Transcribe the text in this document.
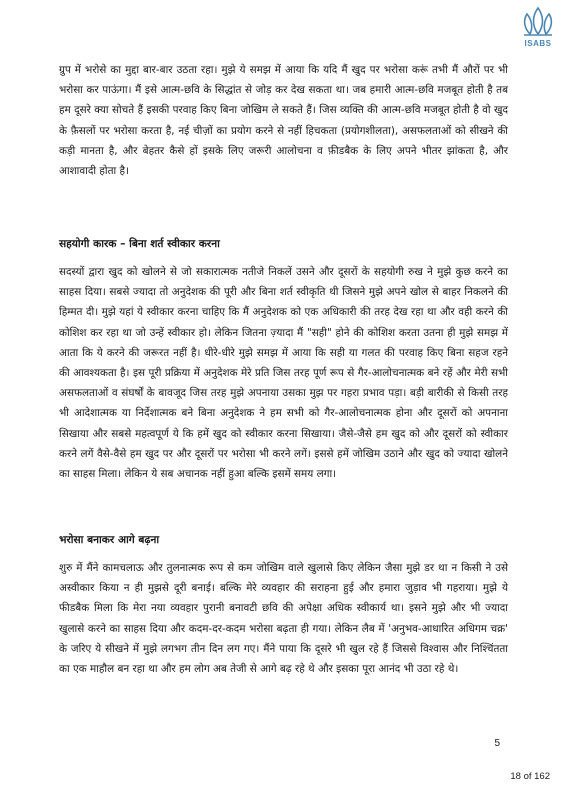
ISABS

ग्रुप में भरोसे का मुद्दा बार-बार उठता रहा। मुझे ये समझ में आया कि यदि मैं खुद पर भरोसा करूं तभी मैं औरों पर भी भरोसा कर पाऊंगा। मैं इसे आत्म-छवि के सिद्धांत से जोड़ कर देख सकता था। जब हमारी आत्म-छवि मजबूत होती है तब हम दूसरे क्या सोचते हैं इसकी परवाह किए बिना जोखिम ले सकते हैं। जिस व्यक्ति की आत्म-छवि मजबूत होती है वो खुद के फ़ैसलों पर भरोसा करता है, नई चीज़ों का प्रयोग करने से नहीं हिचकता (प्रयोगशीलता), असफलताओं को सीखने की कड़ी मानता है, और बेहतर कैसे हों इसके लिए जरूरी आलोचना व फ़ीडबैक के लिए अपने भीतर झांकता है, और आशावादी होता है।

सहयोगी कारक – बिना शर्त स्वीकार करना

सदस्यों द्वारा खुद को खोलने से जो सकारात्मक नतीजे निकलें उसने और दूसरों के सहयोगी रुख ने मुझे कुछ करने का साहस दिया। सबसे ज्यादा तो अनुदेशक की पूरी और बिना शर्त स्वीकृति थी जिसने मुझे अपने खोल से बाहर निकलने की हिम्मत दी। मुझे यहां ये स्वीकार करना चाहिए कि मैं अनुदेशक को एक अधिकारी की तरह देख रहा था और वही करने की कोशिश कर रहा था जो उन्हें स्वीकार हो। लेकिन जितना ज़्यादा मैं "सही" होने की कोशिश करता उतना ही मुझे समझ में आता कि ये करने की जरूरत नहीं है। धीरे-धीरे मुझे समझ में आया कि सही या गलत की परवाह किए बिना सहज रहने की आवश्यकता है। इस पूरी प्रक्रिया में अनुदेशक मेरे प्रति जिस तरह पूर्ण रूप से गैर-आलोचनात्मक बने रहें और मेरी सभी असफलताओं व संघर्षों के बावजूद जिस तरह मुझे अपनाया उसका मुझ पर गहरा प्रभाव पड़ा। बड़ी बारीकी से किसी तरह भी आदेशात्मक या निर्देशात्मक बने बिना अनुदेशक ने हम सभी को गैर-आलोचनात्मक होना और दूसरों को अपनाना सिखाया और सबसे महत्वपूर्ण ये कि हमें खुद को स्वीकार करना सिखाया। जैसे-जैसे हम खुद को और दूसरों को स्वीकार करने लगें वैसे-वैसे हम खुद पर और दूसरों पर भरोसा भी करने लगें। इससे हमें जोखिम उठाने और खुद को ज्यादा खोलने का साहस मिला। लेकिन ये सब अचानक नहीं हुआ बल्कि इसमें समय लगा।

भरोसा बनाकर आगे बढ़ना

शुरु में मैंने कामचलाऊ और तुलनात्मक रूप से कम जोखिम वाले खुलासे किए लेकिन जैसा मुझे डर था न किसी ने उसे अस्वीकार किया न ही मुझसे दूरी बनाई। बल्कि मेरे व्यवहार की सराहना हुई और हमारा जुड़ाव भी गहराया। मुझे ये फीडबैक मिला कि मेरा नया व्यवहार पुरानी बनावटी छवि की अपेक्षा अधिक स्वीकार्य था। इसने मुझे और भी ज्यादा खुलासे करने का साहस दिया और कदम-दर-कदम भरोसा बढ़ता ही गया। लेकिन लैब में 'अनुभव-आधारित अधिगम चक्र' के जरिए ये सीखने में मुझे लगभग तीन दिन लग गए। मैंने पाया कि दूसरे भी खुल रहे हैं जिससे विश्वास और निश्चिंतता का एक माहौल बन रहा था और हम लोग अब तेजी से आगे बढ़ रहे थे और इसका पूरा आनंद भी उठा रहे थे।

5
18 of 162
